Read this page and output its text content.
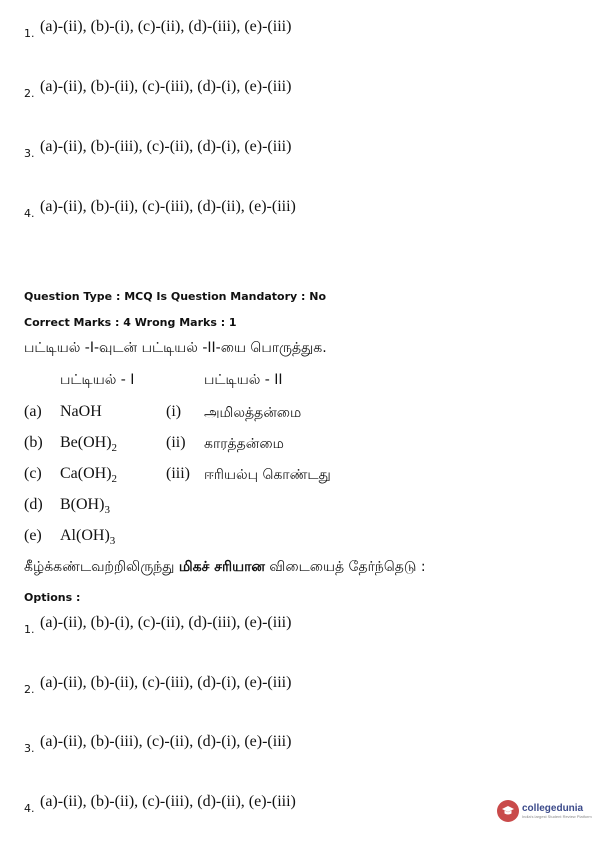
1. (a)-(ii), (b)-(i), (c)-(ii), (d)-(iii), (e)-(iii)
2. (a)-(ii), (b)-(ii), (c)-(iii), (d)-(i), (e)-(iii)
3. (a)-(ii), (b)-(iii), (c)-(ii), (d)-(i), (e)-(iii)
4. (a)-(ii), (b)-(ii), (c)-(iii), (d)-(ii), (e)-(iii)
Question Type : MCQ Is Question Mandatory : No
Correct Marks : 4 Wrong Marks : 1
பட்டியல் -I-வுடன் பட்டியல் -II-யை பொருத்துக.
பட்டியல் - I	பட்டியல் - II
(a) NaOH	(i) அமிலத்தன்மை
(b) $Be(OH)_2$	(ii) காரத்தன்மை
(c) $Ca(OH)_2$	(iii) ஈரியல்பு கொண்டது
(d) $B(OH)_3$
(e) $Al(OH)_3$
கீழ்க்கண்டவற்றிலிருந்து மிகச் சரியான விடையைத் தேர்ந்தெடு :
Options :
1. (a)-(ii), (b)-(i), (c)-(ii), (d)-(iii), (e)-(iii)
2. (a)-(ii), (b)-(ii), (c)-(iii), (d)-(i), (e)-(iii)
3. (a)-(ii), (b)-(iii), (c)-(ii), (d)-(i), (e)-(iii)
4. (a)-(ii), (b)-(ii), (c)-(iii), (d)-(ii), (e)-(iii)	collegedunia
India's largest Student Review Platform
